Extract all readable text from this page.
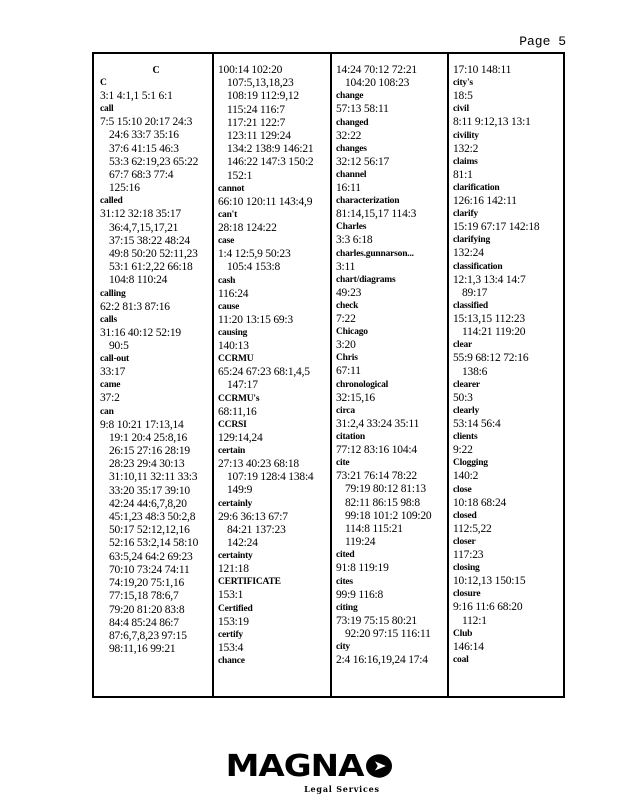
Page 5
C
C
3:1 4:1,1 5:1 6:1
call
7:5 15:10 20:17 24:3
24:6 33:7 35:16
37:6 41:15 46:3
53:3 62:19,23 65:22
67:7 68:3 77:4
125:16
called
31:12 32:18 35:17
36:4,7,15,17,21
37:15 38:22 48:24
49:8 50:20 52:11,23
53:1 61:2,22 66:18
104:8 110:24
calling
62:2 81:3 87:16
calls
31:16 40:12 52:19
90:5
call-out
33:17
came
37:2
can
9:8 10:21 17:13,14
19:1 20:4 25:8,16
26:15 27:16 28:19
28:23 29:4 30:13
31:10,11 32:11 33:3
33:20 35:17 39:10
42:24 44:6,7,8,20
45:1,23 48:3 50:2,8
50:17 52:12,12,16
52:16 53:2,14 58:10
63:5,24 64:2 69:23
70:10 73:24 74:11
74:19,20 75:1,16
77:15,18 78:6,7
79:20 81:20 83:8
84:4 85:24 86:7
87:6,7,8,23 97:15
98:11,16 99:21
100:14 102:20
107:5,13,18,23
108:19 112:9,12
115:24 116:7
117:21 122:7
123:11 129:24
134:2 138:9 146:21
146:22 147:3 150:2
152:1
cannot
66:10 120:11 143:4,9
can't
28:18 124:22
case
1:4 12:5,9 50:23
105:4 153:8
cash
116:24
cause
11:20 13:15 69:3
causing
140:13
CCRMU
65:24 67:23 68:1,4,5
147:17
CCRMU's
68:11,16
CCRSI
129:14,24
certain
27:13 40:23 68:18
107:19 128:4 138:4
149:9
certainly
29:6 36:13 67:7
84:21 137:23
142:24
certainty
121:18
CERTIFICATE
153:1
Certified
153:19
certify
153:4
chance
14:24 70:12 72:21
104:20 108:23
change
57:13 58:11
changed
32:22
changes
32:12 56:17
channel
16:11
characterization
81:14,15,17 114:3
Charles
3:3 6:18
charles.gunnarson...
3:11
chart/diagrams
49:23
check
7:22
Chicago
3:20
Chris
67:11
chronological
32:15,16
circa
31:2,4 33:24 35:11
citation
77:12 83:16 104:4
cite
73:21 76:14 78:22
79:19 80:12 81:13
82:11 86:15 98:8
99:18 101:2 109:20
114:8 115:21
119:24
cited
91:8 119:19
cites
99:9 116:8
citing
73:19 75:15 80:21
92:20 97:15 116:11
city
2:4 16:16,19,24 17:4
17:10 148:11
city's
18:5
civil
8:11 9:12,13 13:1
civility
132:2
claims
81:1
clarification
126:16 142:11
clarify
15:19 67:17 142:18
clarifying
132:24
classification
12:1,3 13:4 14:7
89:17
classified
15:13,15 112:23
114:21 119:20
clear
55:9 68:12 72:16
138:6
clearer
50:3
clearly
53:14 56:4
clients
9:22
Clogging
140:2
close
10:18 68:24
closed
112:5,22
closer
117:23
closing
10:12,13 150:15
closure
9:16 11:6 68:20
112:1
Club
146:14
coal
MAGNA ➤
Legal Services
